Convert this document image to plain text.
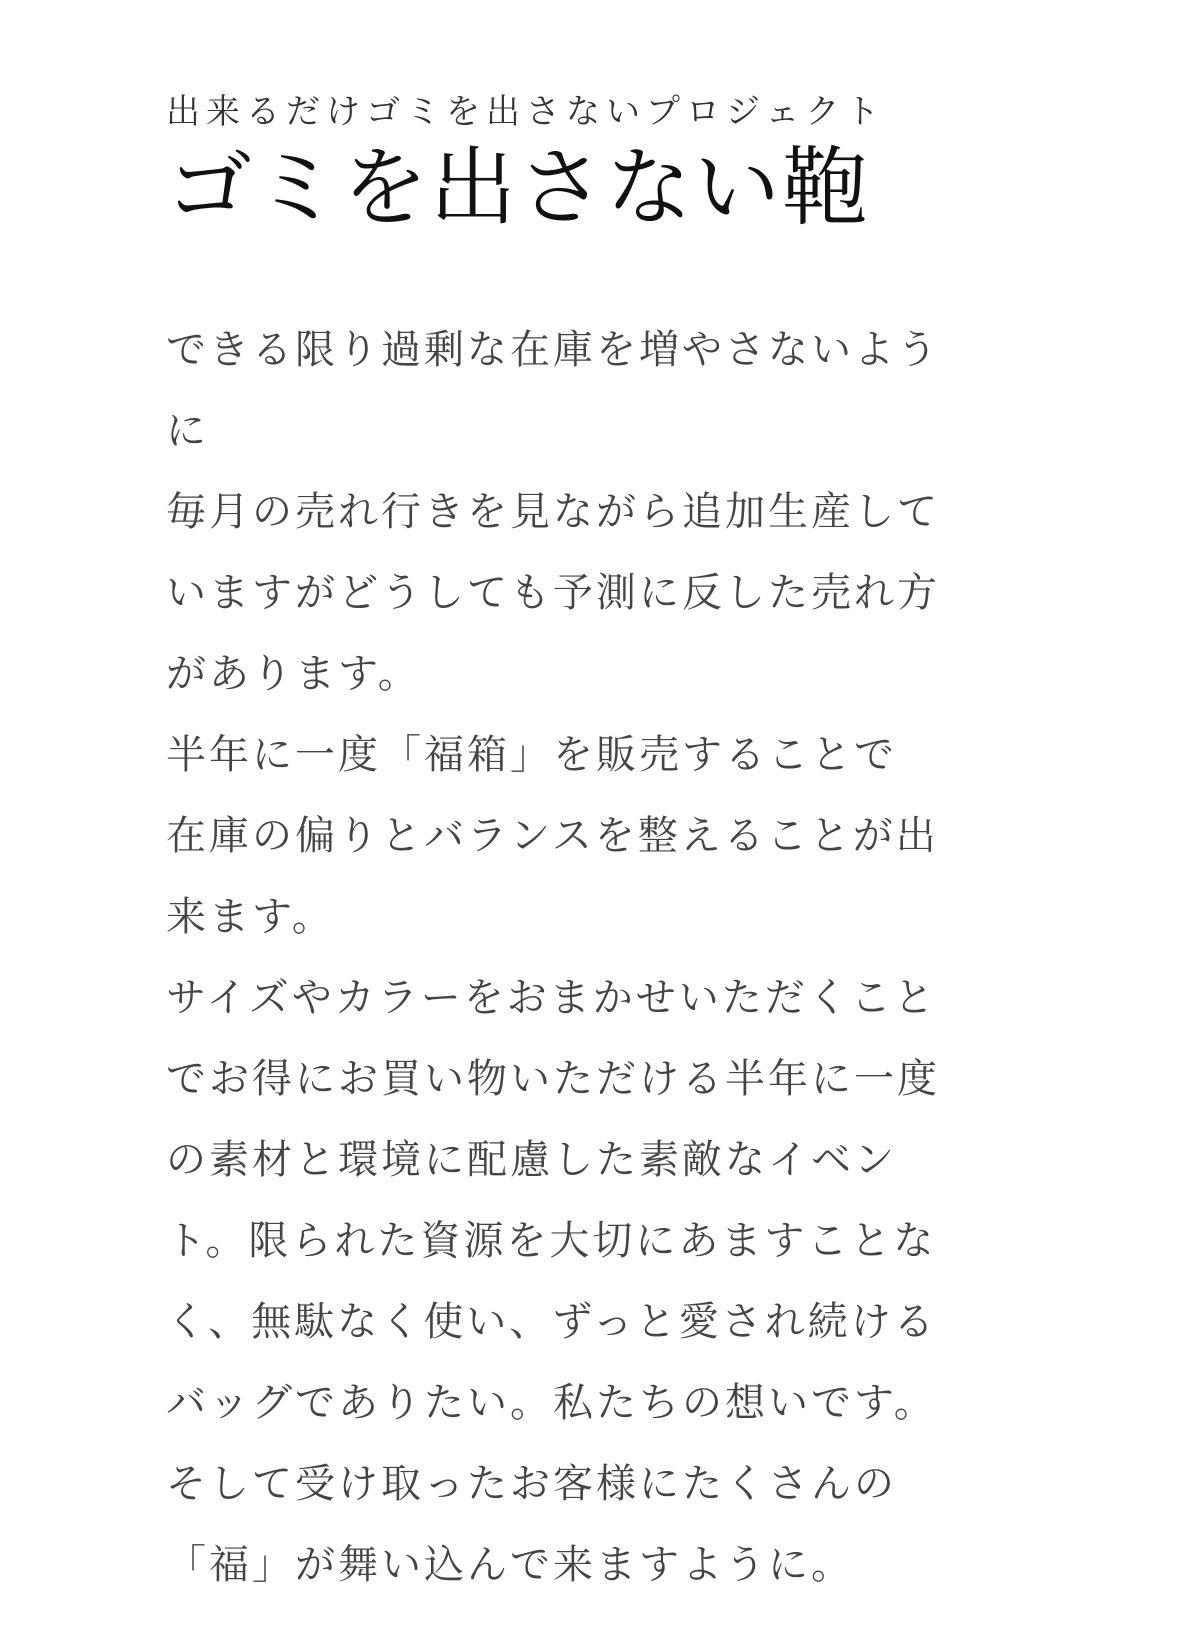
出来るだけゴミを出さないプロジェクト

ゴミを出さない鞄
できる限り過剰な在庫を増やさないよう
に
毎月の売れ行きを見ながら追加生産して
いますがどうしても予測に反した売れ方
があります。
半年に一度「福箱」を販売することで
在庫の偏りとバランスを整えることが出
来ます。
サイズやカラーをおまかせいただくこと
でお得にお買い物いただける半年に一度
の素材と環境に配慮した素敵なイベン
ト。限られた資源を大切にあますことな
く、無駄なく使い、ずっと愛され続ける
バッグでありたい。私たちの想いです。
そして受け取ったお客様にたくさんの
「福」が舞い込んで来ますように。
